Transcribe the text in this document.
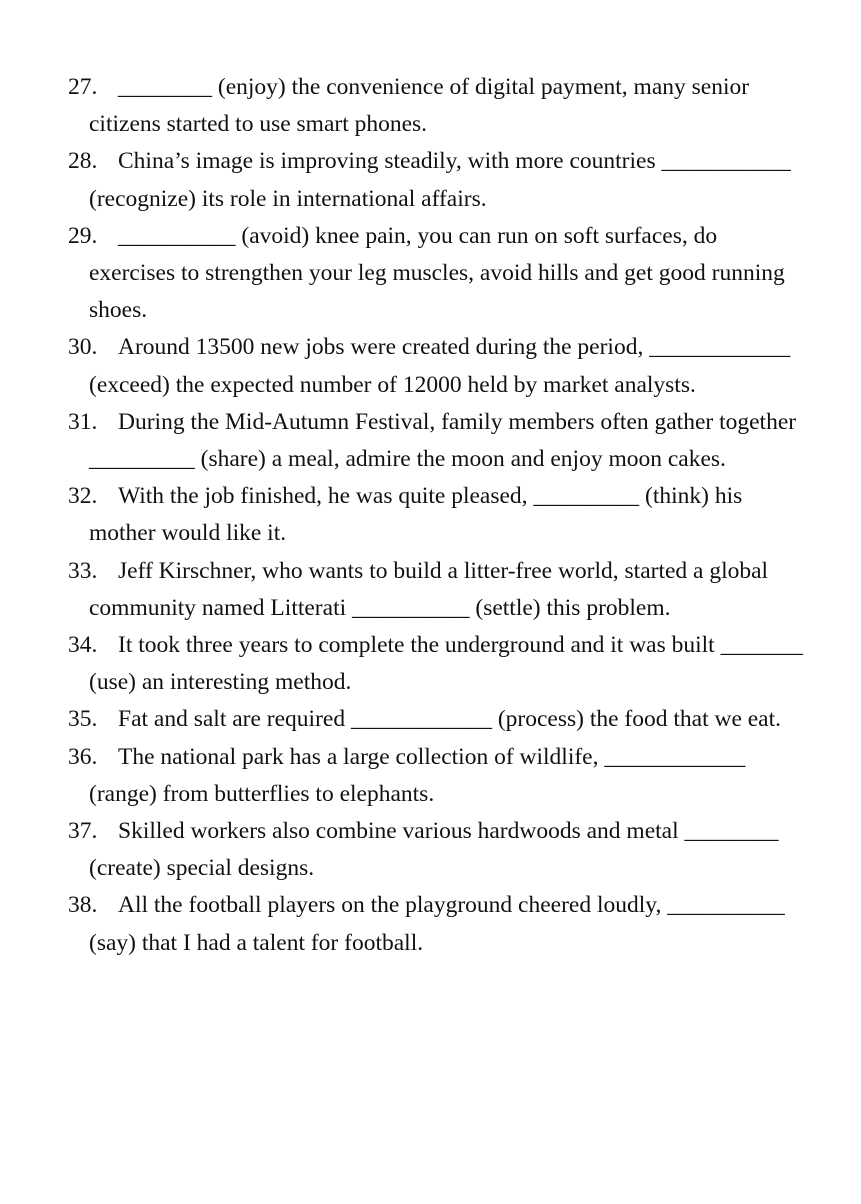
27. ________ (enjoy) the convenience of digital payment, many senior citizens started to use smart phones.
28. China’s image is improving steadily, with more countries ___________ (recognize) its role in international affairs.
29. __________ (avoid) knee pain, you can run on soft surfaces, do exercises to strengthen your leg muscles, avoid hills and get good running shoes.
30. Around 13500 new jobs were created during the period, ____________ (exceed) the expected number of 12000 held by market analysts.
31. During the Mid-Autumn Festival, family members often gather together _________ (share) a meal, admire the moon and enjoy moon cakes.
32. With the job finished, he was quite pleased, _________ (think) his mother would like it.
33. Jeff Kirschner, who wants to build a litter-free world, started a global community named Litterati __________ (settle) this problem.
34. It took three years to complete the underground and it was built _______ (use) an interesting method.
35. Fat and salt are required ____________ (process) the food that we eat.
36. The national park has a large collection of wildlife, ____________ (range) from butterflies to elephants.
37. Skilled workers also combine various hardwoods and metal ________ (create) special designs.
38. All the football players on the playground cheered loudly, __________ (say) that I had a talent for football.
